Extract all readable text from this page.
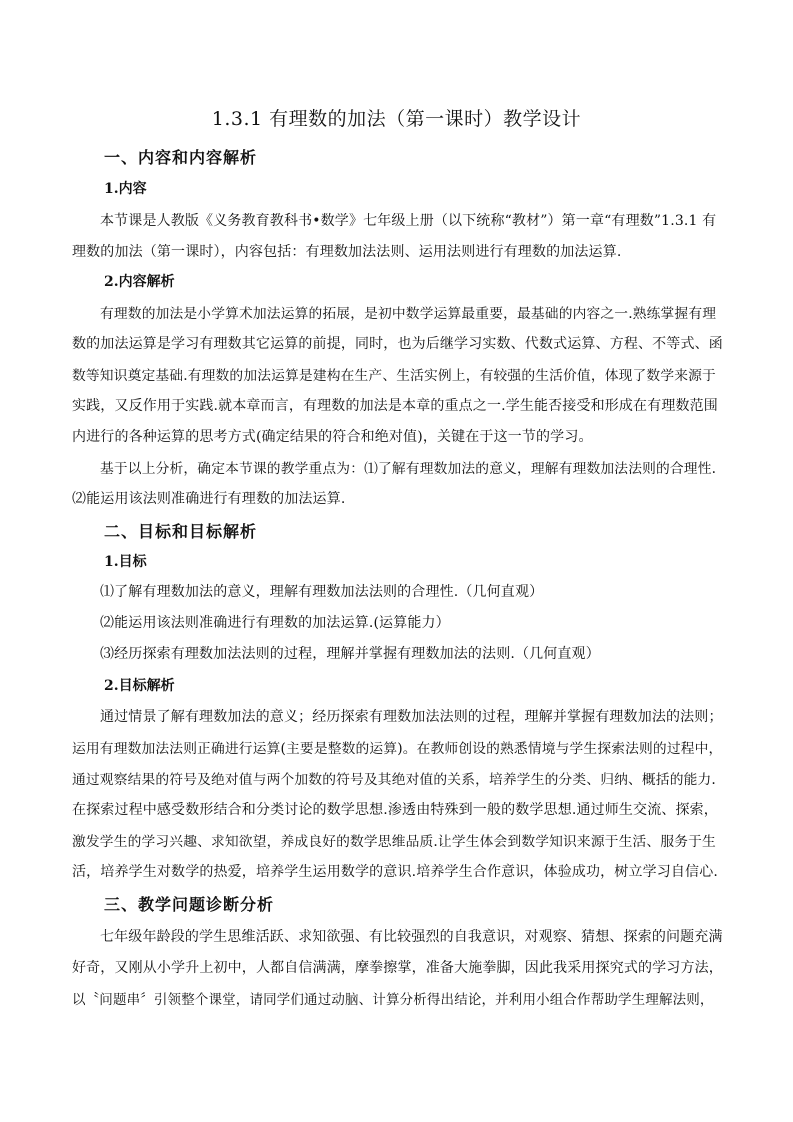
1.3.1 有理数的加法（第一课时）教学设计
一、内容和内容解析
1.内容
本节课是人教版《义务教育教科书•数学》七年级上册（以下统称“教材”）第一章“有理数”1.3.1 有
理数的加法（第一课时），内容包括：有理数加法法则、运用法则进行有理数的加法运算.
2.内容解析
有理数的加法是小学算术加法运算的拓展，是初中数学运算最重要，最基础的内容之一.熟练掌握有理
数的加法运算是学习有理数其它运算的前提，同时，也为后继学习实数、代数式运算、方程、不等式、函
数等知识奠定基础.有理数的加法运算是建构在生产、生活实例上，有较强的生活价值，体现了数学来源于
实践，又反作用于实践.就本章而言，有理数的加法是本章的重点之一.学生能否接受和形成在有理数范围
内进行的各种运算的思考方式(确定结果的符合和绝对值)，关键在于这一节的学习。
基于以上分析，确定本节课的教学重点为：⑴了解有理数加法的意义，理解有理数加法法则的合理性.
⑵能运用该法则准确进行有理数的加法运算.
二、目标和目标解析
1.目标
⑴了解有理数加法的意义，理解有理数加法法则的合理性.（几何直观）
⑵能运用该法则准确进行有理数的加法运算.(运算能力）
⑶经历探索有理数加法法则的过程，理解并掌握有理数加法的法则.（几何直观）
2.目标解析
通过情景了解有理数加法的意义；经历探索有理数加法法则的过程，理解并掌握有理数加法的法则；
运用有理数加法法则正确进行运算(主要是整数的运算)。在教师创设的熟悉情境与学生探索法则的过程中，
通过观察结果的符号及绝对值与两个加数的符号及其绝对值的关系，培养学生的分类、归纳、概括的能力.
在探索过程中感受数形结合和分类讨论的数学思想.渗透由特殊到一般的数学思想.通过师生交流、探索，
激发学生的学习兴趣、求知欲望，养成良好的数学思维品质.让学生体会到数学知识来源于生活、服务于生
活，培养学生对数学的热爱，培养学生运用数学的意识.培养学生合作意识，体验成功，树立学习自信心.
三、教学问题诊断分析
七年级年龄段的学生思维活跃、求知欲强、有比较强烈的自我意识，对观察、猜想、探索的问题充满
好奇，又刚从小学升上初中，人都自信满满，摩拳擦掌，准备大施拳脚，因此我采用探究式的学习方法，
以〝问题串〞引领整个课堂，请同学们通过动脑、计算分析得出结论，并利用小组合作帮助学生理解法则，
